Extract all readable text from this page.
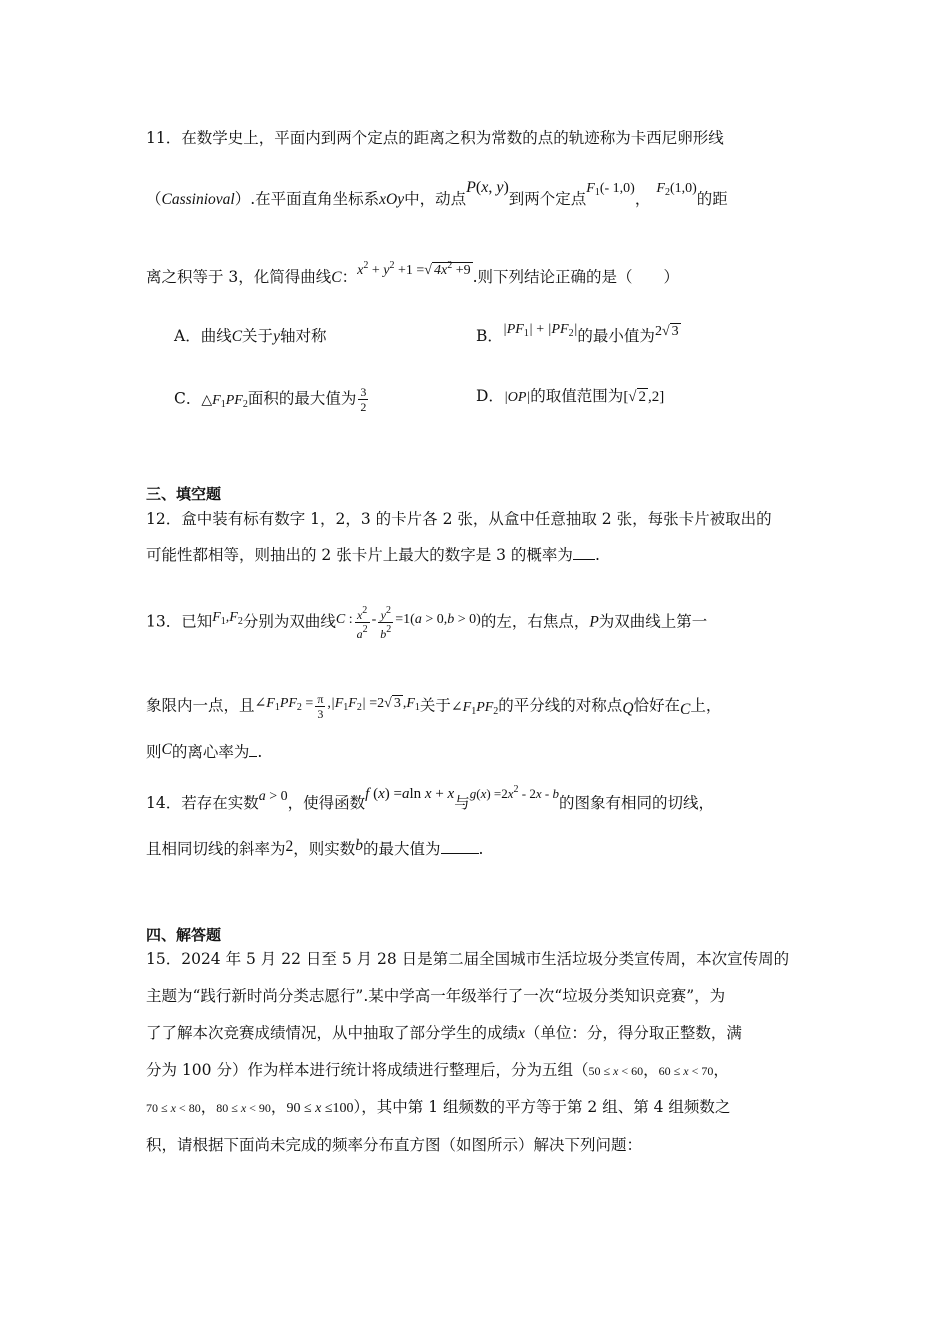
11．在数学史上，平面内到两个定点的距离之积为常数的点的轨迹称为卡西尼卵形线
（Cassinioval）.在平面直角坐标系xOy中，动点P(x, y)到两个定点$F_1(-$ 1,0)，$F_2(1,0)$的距
离之积等于 3，化简得曲线C：$x^2 + y^2 +1$ =√ $4x^2 +9$ .则下列结论正确的是（　　）
A．曲线C关于y轴对称	B．$|PF_1| + |PF_2|$的最小值为2√ 3
C．$\triangle F_1PF_2$面积的最大值为 $\frac{3}{2}$	D．|OP|的取值范围为[√ 2 ,2]
三、填空题
12．盒中装有标有数字 1，2，3 的卡片各 2 张，从盒中任意抽取 2 张，每张卡片被取出的
可能性都相等，则抽出的 2 张卡片上最大的数字是 3 的概率为 .
13．已知$F_1,F_2$分别为双曲线C : $\frac{x^2}{a^2} - \frac{y^2}{b^2} =1(a > 0,b > 0)$的左，右焦点，P为双曲线上第一
象限内一点，且$\angle F_1PF_2 = \frac{\pi}{3} ,|F_1F_2| =2√$ 3 $,F_1$关于$\angle F_1PF_2$的平分线的对称点Q恰好在C上，
则C的离心率为 .
14．若存在实数a > 0，使得函数f (x) =aln x + x与$^{g(x) =2x^2 - 2x - b}$的图象有相同的切线，
且相同切线的斜率为2，则实数b的最大值为 .
四、解答题
15．2024 年 5 月 22 日至 5 月 28 日是第二届全国城市生活垃圾分类宣传周，本次宣传周的
主题为“践行新时尚分类志愿行”.某中学高一年级举行了一次“垃圾分类知识竞赛”，为
了了解本次竞赛成绩情况，从中抽取了部分学生的成绩x（单位：分，得分取正整数，满
分为 100 分）作为样本进行统计将成绩进行整理后，分为五组（50 ≤ x < 60，60 ≤ x < 70，
70 ≤ x < 80，80 ≤ x < 90，90 ≤ x ≤100），其中第 1 组频数的平方等于第 2 组、第 4 组频数之
积，请根据下面尚未完成的频率分布直方图（如图所示）解决下列问题：
